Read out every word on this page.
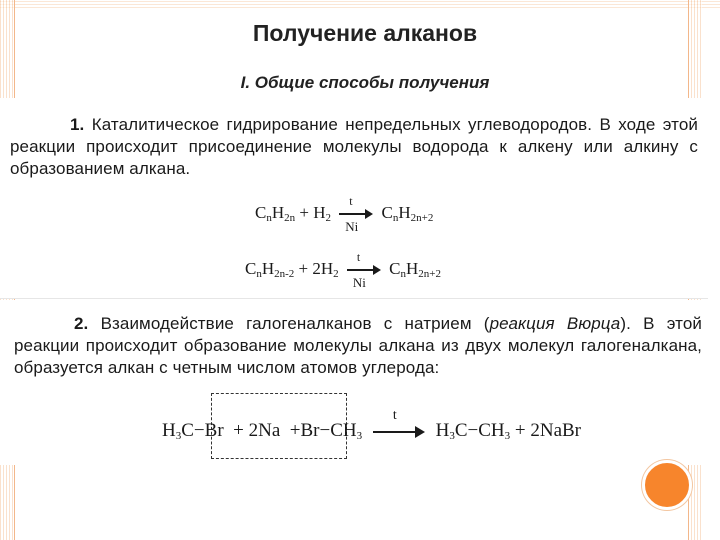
Получение алканов
I. Общие способы получения
1. Каталитическое гидрирование непредельных углеводородов. В ходе этой реакции происходит присоединение молекулы водорода к алкену или алкину с образованием алкана.
$C_nH_{2n} + H_2$
t
Ni
$C_nH_{2n+2}$
$C_nH_{2n-2} + 2H_2$
t
Ni
$C_nH_{2n+2}$
2. Взаимодействие галогеналканов с натрием (реакция Вюрца). В этой реакции происходит образование молекулы алкана из двух молекул галогеналкана, образуется алкан с четным числом атомов углерода:
$H_3C-Br + 2Na +Br-CH_3$
t
$H_3C-CH_3$ + 2NaBr
